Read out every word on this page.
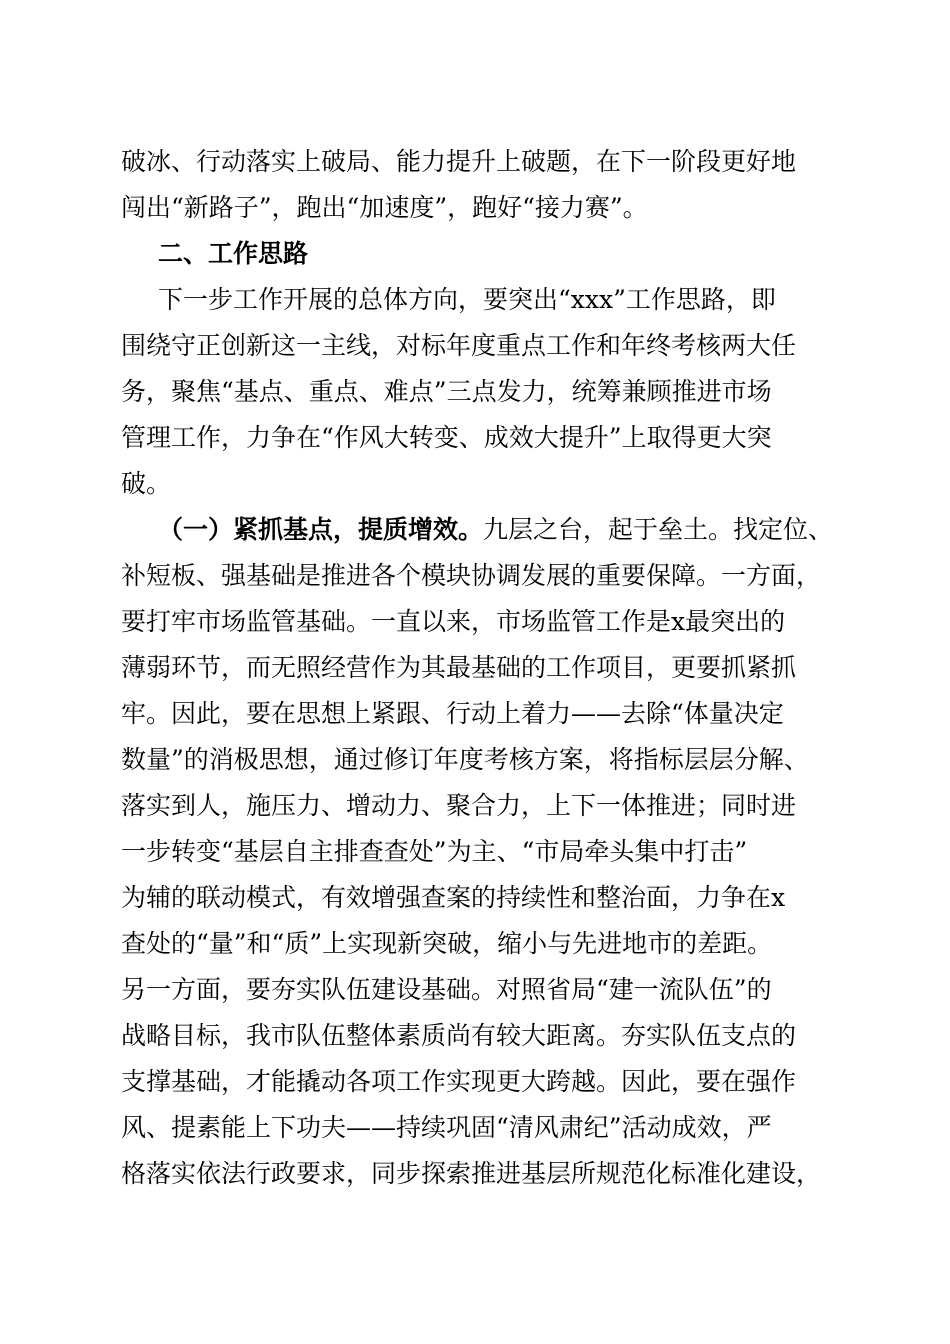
破冰、行动落实上破局、能力提升上破题，在下一阶段更好地
闯出“新路子”，跑出“加速度”，跑好“接力赛”。
二、工作思路
下一步工作开展的总体方向，要突出“xxx”工作思路，即
围绕守正创新这一主线，对标年度重点工作和年终考核两大任
务，聚焦“基点、重点、难点”三点发力，统筹兼顾推进市场
管理工作，力争在“作风大转变、成效大提升”上取得更大突
破。
（一）紧抓基点，提质增效。九层之台，起于垒土。找定位、
补短板、强基础是推进各个模块协调发展的重要保障。一方面，
要打牢市场监管基础。一直以来，市场监管工作是x最突出的
薄弱环节，而无照经营作为其最基础的工作项目，更要抓紧抓
牢。因此，要在思想上紧跟、行动上着力——去除“体量决定
数量”的消极思想，通过修订年度考核方案，将指标层层分解、
落实到人，施压力、增动力、聚合力，上下一体推进；同时进
一步转变“基层自主排查查处”为主、“市局牵头集中打击”
为辅的联动模式，有效增强查案的持续性和整治面，力争在x
查处的“量”和“质”上实现新突破，缩小与先进地市的差距。
另一方面，要夯实队伍建设基础。对照省局“建一流队伍”的
战略目标，我市队伍整体素质尚有较大距离。夯实队伍支点的
支撑基础，才能撬动各项工作实现更大跨越。因此，要在强作
风、提素能上下功夫——持续巩固“清风肃纪”活动成效，严
格落实依法行政要求，同步探索推进基层所规范化标准化建设，
